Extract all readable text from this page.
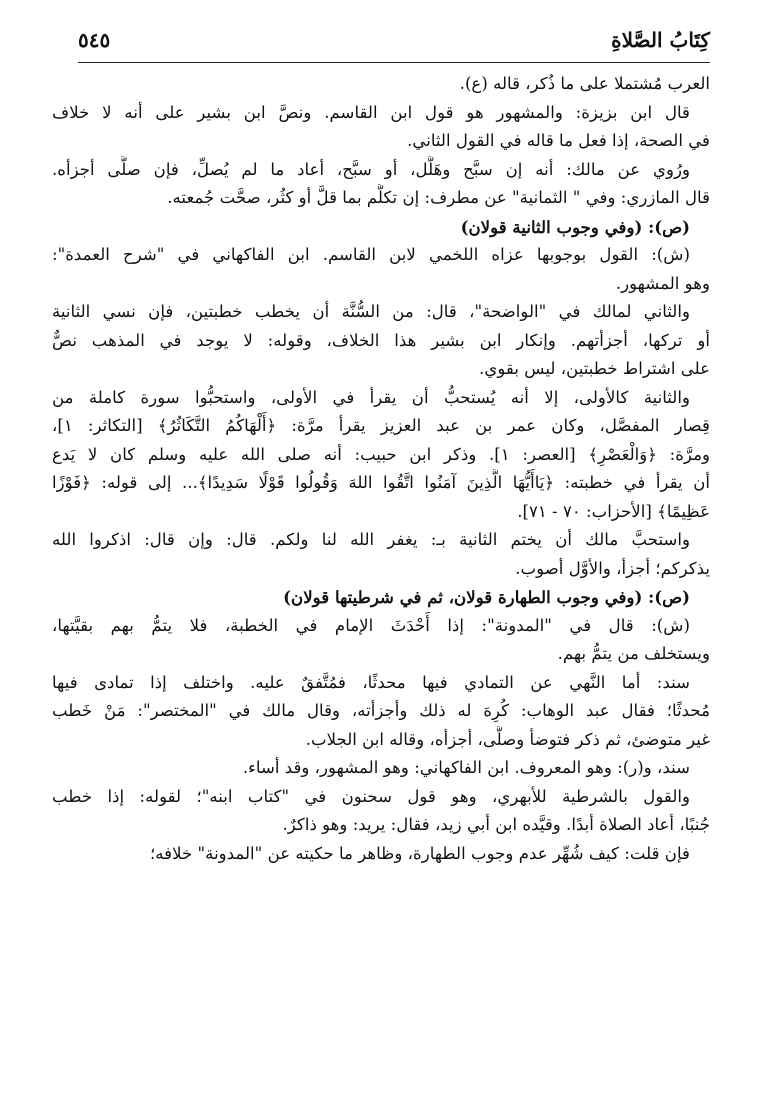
كِتَابُ الصَّلاةِ
٥٤٥
العرب مُشتملا على ما ذُكر، قاله (ع).
قال ابن بزيزة: والمشهور هو قول ابن القاسم. ونصَّ ابن بشير على أنه لا خلاف
في الصحة، إذا فعل ما قاله في القول الثاني.
ورُوي عن مالك: أنه إن سبَّح وهَلَّل، أو سبَّح، أعاد ما لم يُصلِّ، فإن صلَّى أجزأه.
قال المازري: وفي " الثمانية" عن مطرف: إن تكلَّم بما قلَّ أو كثُر، صحَّت جُمعته.
(ص): (وفي وجوب الثانية قولان)
(ش): القول بوجوبها عزاه اللخمي لابن القاسم. ابن الفاكهاني في "شرح العمدة":
وهو المشهور.
والثاني لمالك في "الواضحة"، قال: من السُّنَّة أن يخطب خطبتين، فإن نسي الثانية
أو تركها، أجزأتهم. وإنكار ابن بشير هذا الخلاف، وقوله: لا يوجد في المذهب نصٌّ
على اشتراط خطبتين، ليس بقوي.
والثانية كالأولى، إلا أنه يُستحبُّ أن يقرأ في الأولى، واستحبُّوا سورة كاملة من
قِصار المفصَّل، وكان عمر بن عبد العزيز يقرأ مرَّة: ﴿أَلْهَاكُمُ التَّكَاثُرُ﴾ [التكاثر: ١]،
ومرَّة: ﴿وَالْعَصْرِ﴾ [العصر: ١]. وذكر ابن حبيب: أنه صلى الله عليه وسلم كان لا يَدع
أن يقرأ في خطبته: ﴿يَاأَيُّهَا الَّذِينَ آمَنُوا اتَّقُوا اللهَ وَقُولُوا قَوْلًا سَدِيدًا﴾... إلى قوله: ﴿فَوْزًا
عَظِيمًا﴾ [الأحزاب: ٧٠ - ٧١].
واستحبَّ مالك أن يختم الثانية بـ: يغفر الله لنا ولكم. قال: وإن قال: اذكروا الله
يذكركم؛ أجزأ، والأوَّل أصوب.
(ص): (وفي وجوب الطهارة قولان، ثم في شرطيتها قولان)
(ش): قال في "المدونة": إذا أَحْدَثَ الإمام في الخطبة، فلا يتمُّ بهم بقيَّتها،
ويستخلف من يتمُّ بهم.
سند: أما النَّهي عن التمادي فيها محدثًا، فمُتَّفقٌ عليه. واختلف إذا تمادى فيها
مُحدثًا؛ فقال عبد الوهاب: كُرِهَ له ذلك وأجزأته، وقال مالك في "المختصر": مَنْ خَطب
غير متوضئ، ثم ذكر فتوضأ وصلَّى، أجزأه، وقاله ابن الجلاب.
سند، و(ر): وهو المعروف. ابن الفاكهاني: وهو المشهور، وقد أساء.
والقول بالشرطية للأبهري، وهو قول سحنون في "كتاب ابنه"؛ لقوله: إذا خطب
جُنبًا، أعاد الصلاة أبدًا. وقيَّده ابن أبي زيد، فقال: يريد: وهو ذاكرٌ.
فإن قلت: كيف شُهِّر عدم وجوب الطهارة، وظاهر ما حكيته عن "المدونة" خلافه؛
